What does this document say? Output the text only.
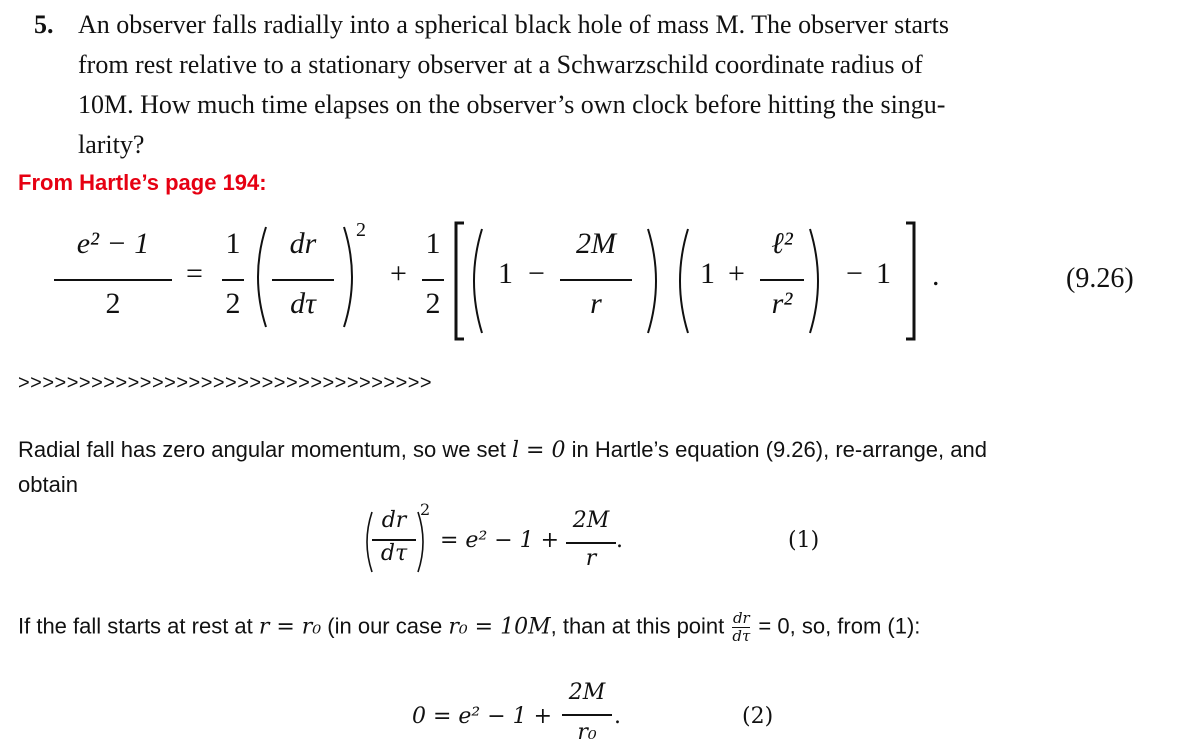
5. An observer falls radially into a spherical black hole of mass M. The observer starts
from rest relative to a stationary observer at a Schwarzschild coordinate radius of
10M. How much time elapses on the observer’s own clock before hitting the singu-
larity?
From Hartle’s page 194:
e² − 1
2
=
1
2
dr
dτ
2
+
1
2
1 −
2M
r
1 +
ℓ²
r²
− 1 .	(9.26)
>>>>>>>>>>>>>>>>>>>>>>>>>>>>>>>>>>
Radial fall has zero angular momentum, so we set l = 0 in Hartle’s equation (9.26), re-arrange, and
obtain
dr
dτ
2
= e² − 1 +
2M
r
.	(1)
If the fall starts at rest at r = r₀ (in our case r₀ = 10M, than at this point $\frac{dr}{d\tau} = 0$, so, from (1):
0 = e² − 1 +
2M
r₀
.	(2)
